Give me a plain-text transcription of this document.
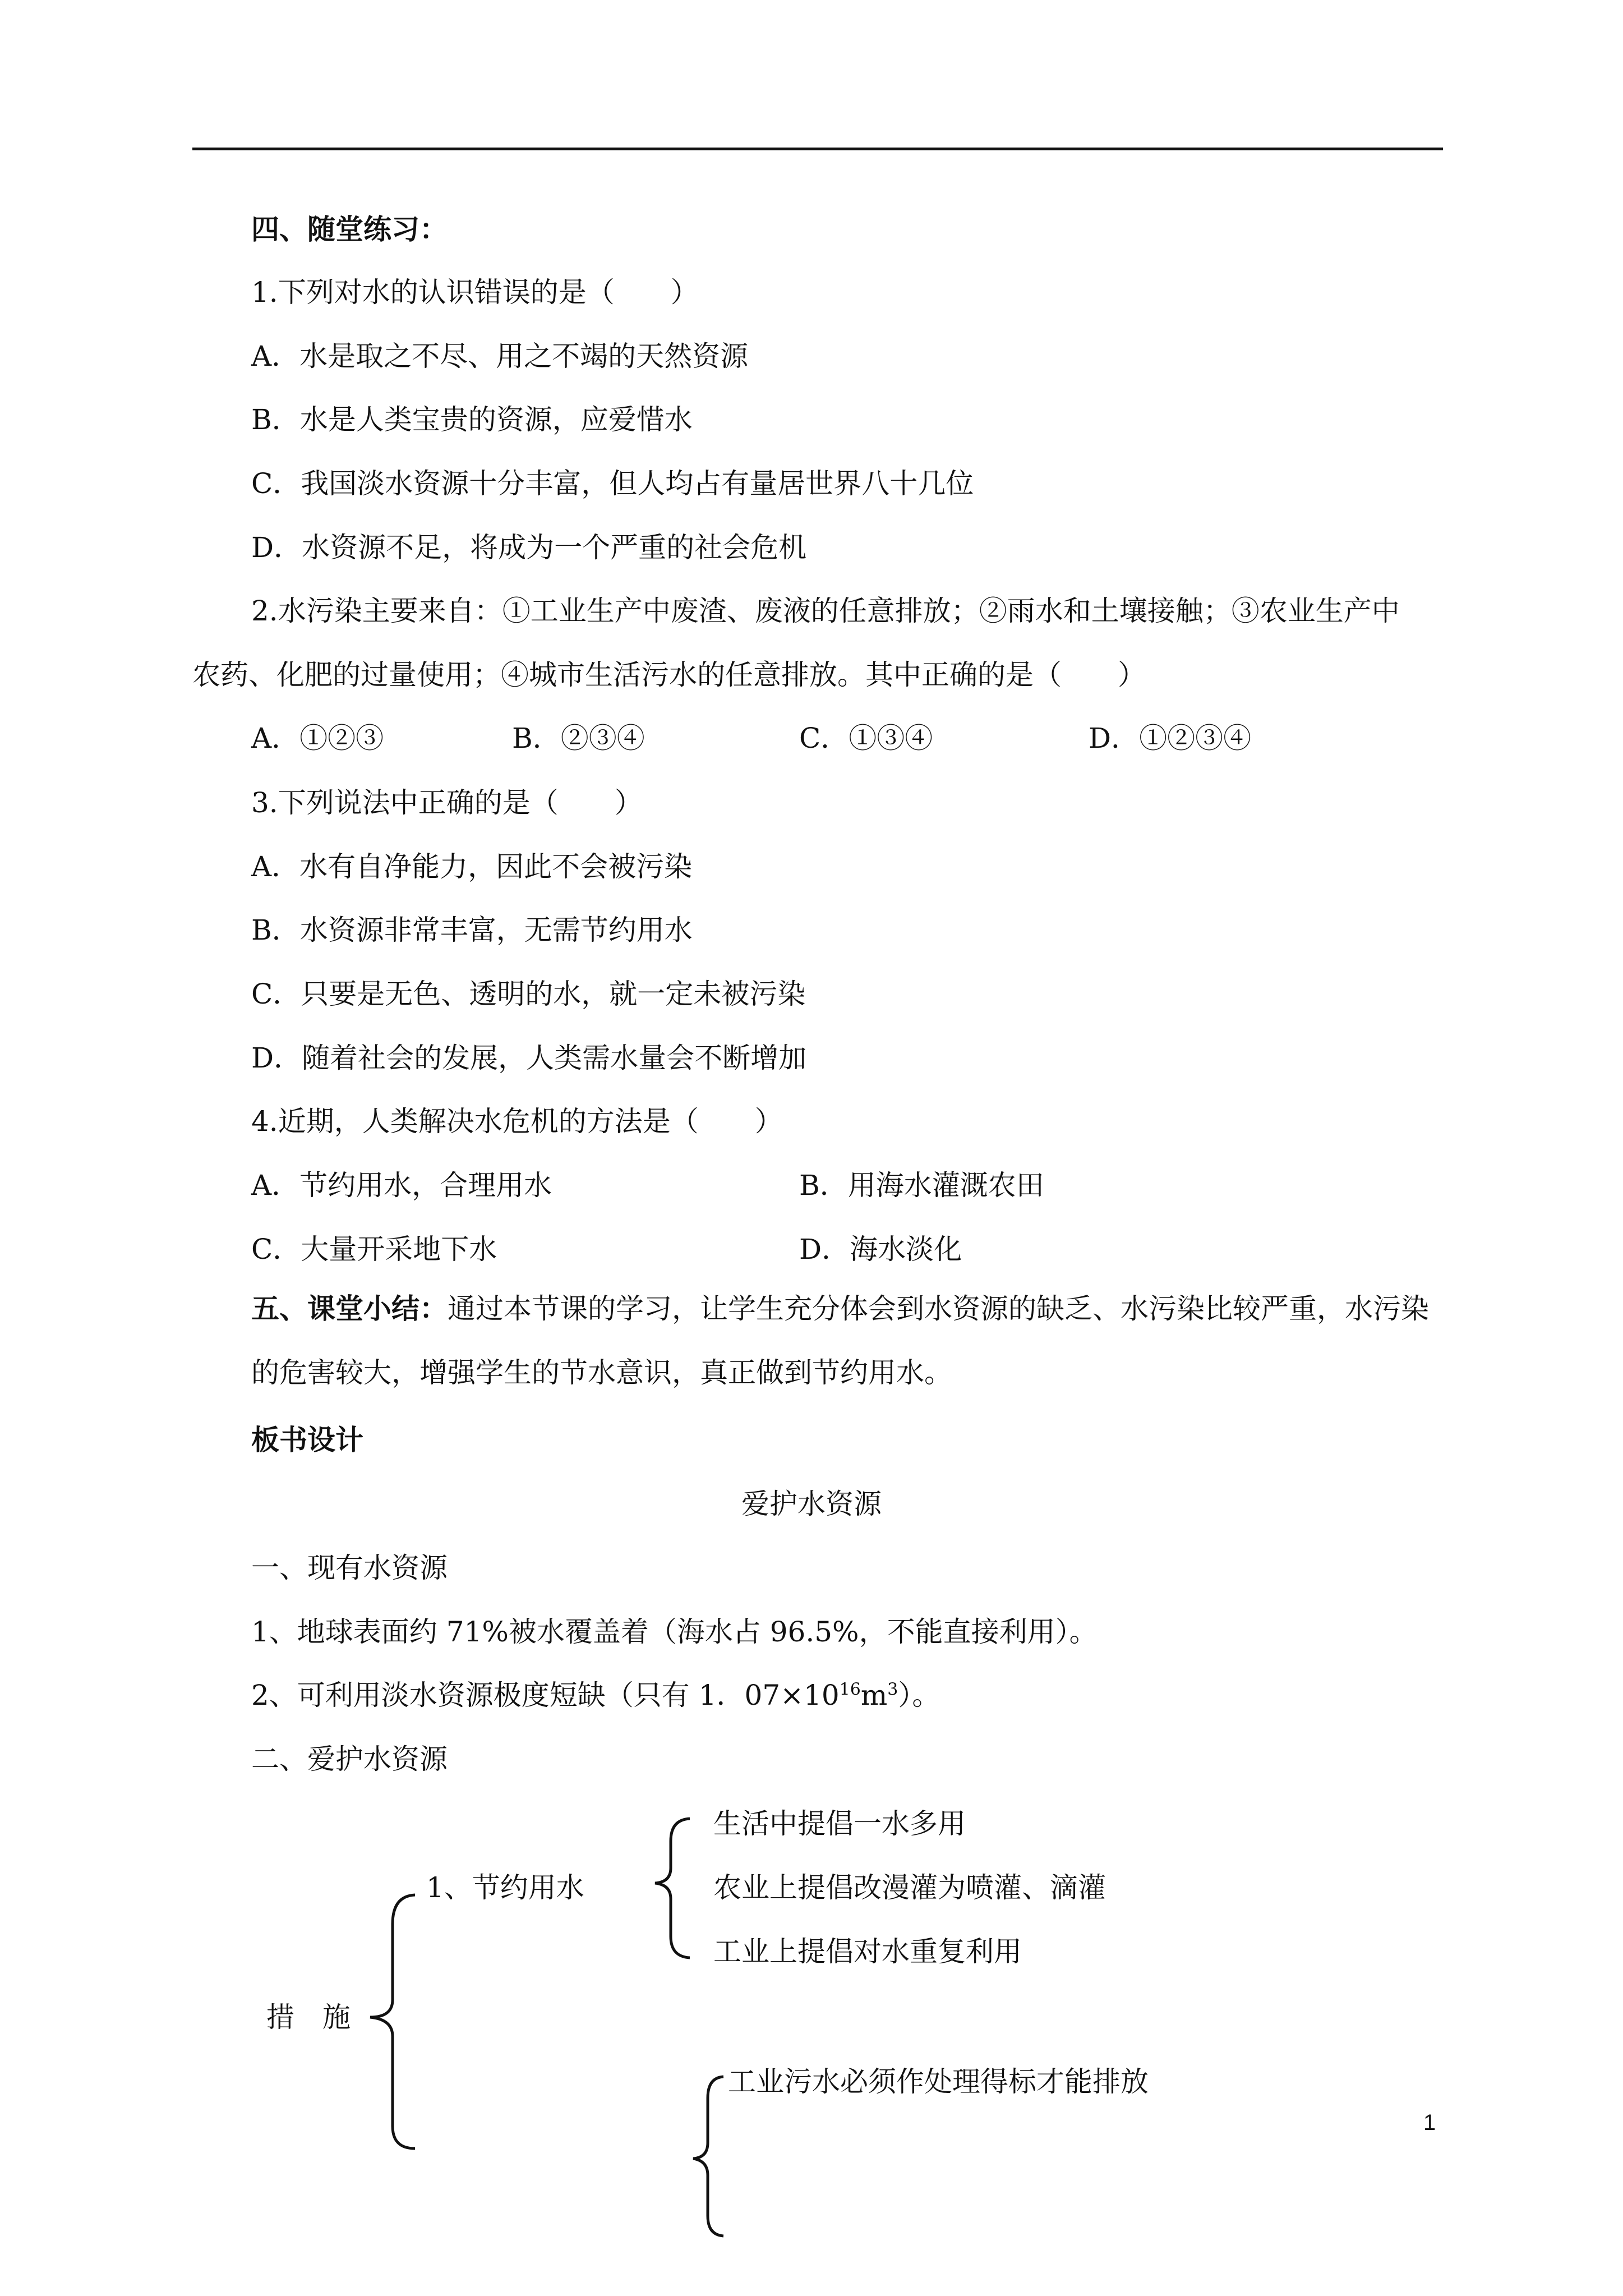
四、随堂练习：
1.下列对水的认识错误的是（　　）
A．水是取之不尽、用之不竭的天然资源
B．水是人类宝贵的资源，应爱惜水
C．我国淡水资源十分丰富，但人均占有量居世界八十几位
D．水资源不足，将成为一个严重的社会危机
2.水污染主要来自：①工业生产中废渣、废液的任意排放；②雨水和土壤接触；③农业生产中
农药、化肥的过量使用；④城市生活污水的任意排放。其中正确的是（　　）
A．①②③	B．②③④	C．①③④	D．①②③④
3.下列说法中正确的是（　　）
A．水有自净能力，因此不会被污染
B．水资源非常丰富，无需节约用水
C．只要是无色、透明的水，就一定未被污染
D．随着社会的发展，人类需水量会不断增加
4.近期，人类解决水危机的方法是（　　）
A．节约用水，合理用水	B．用海水灌溉农田
C．大量开采地下水	D．海水淡化
五、课堂小结：通过本节课的学习，让学生充分体会到水资源的缺乏、水污染比较严重，水污染的危害较大，增强学生的节水意识，真正做到节约用水。
板书设计
爱护水资源
一、现有水资源
1、地球表面约 71%被水覆盖着（海水占 96.5%，不能直接利用）。
2、可利用淡水资源极度短缺（只有 1．$07\times 10^{16}m^3$）。
二、爱护水资源
生活中提倡一水多用
1、节约用水	农业上提倡改漫灌为喷灌、滴灌
工业上提倡对水重复利用
措　施
工业污水必须作处理得标才能排放
1
